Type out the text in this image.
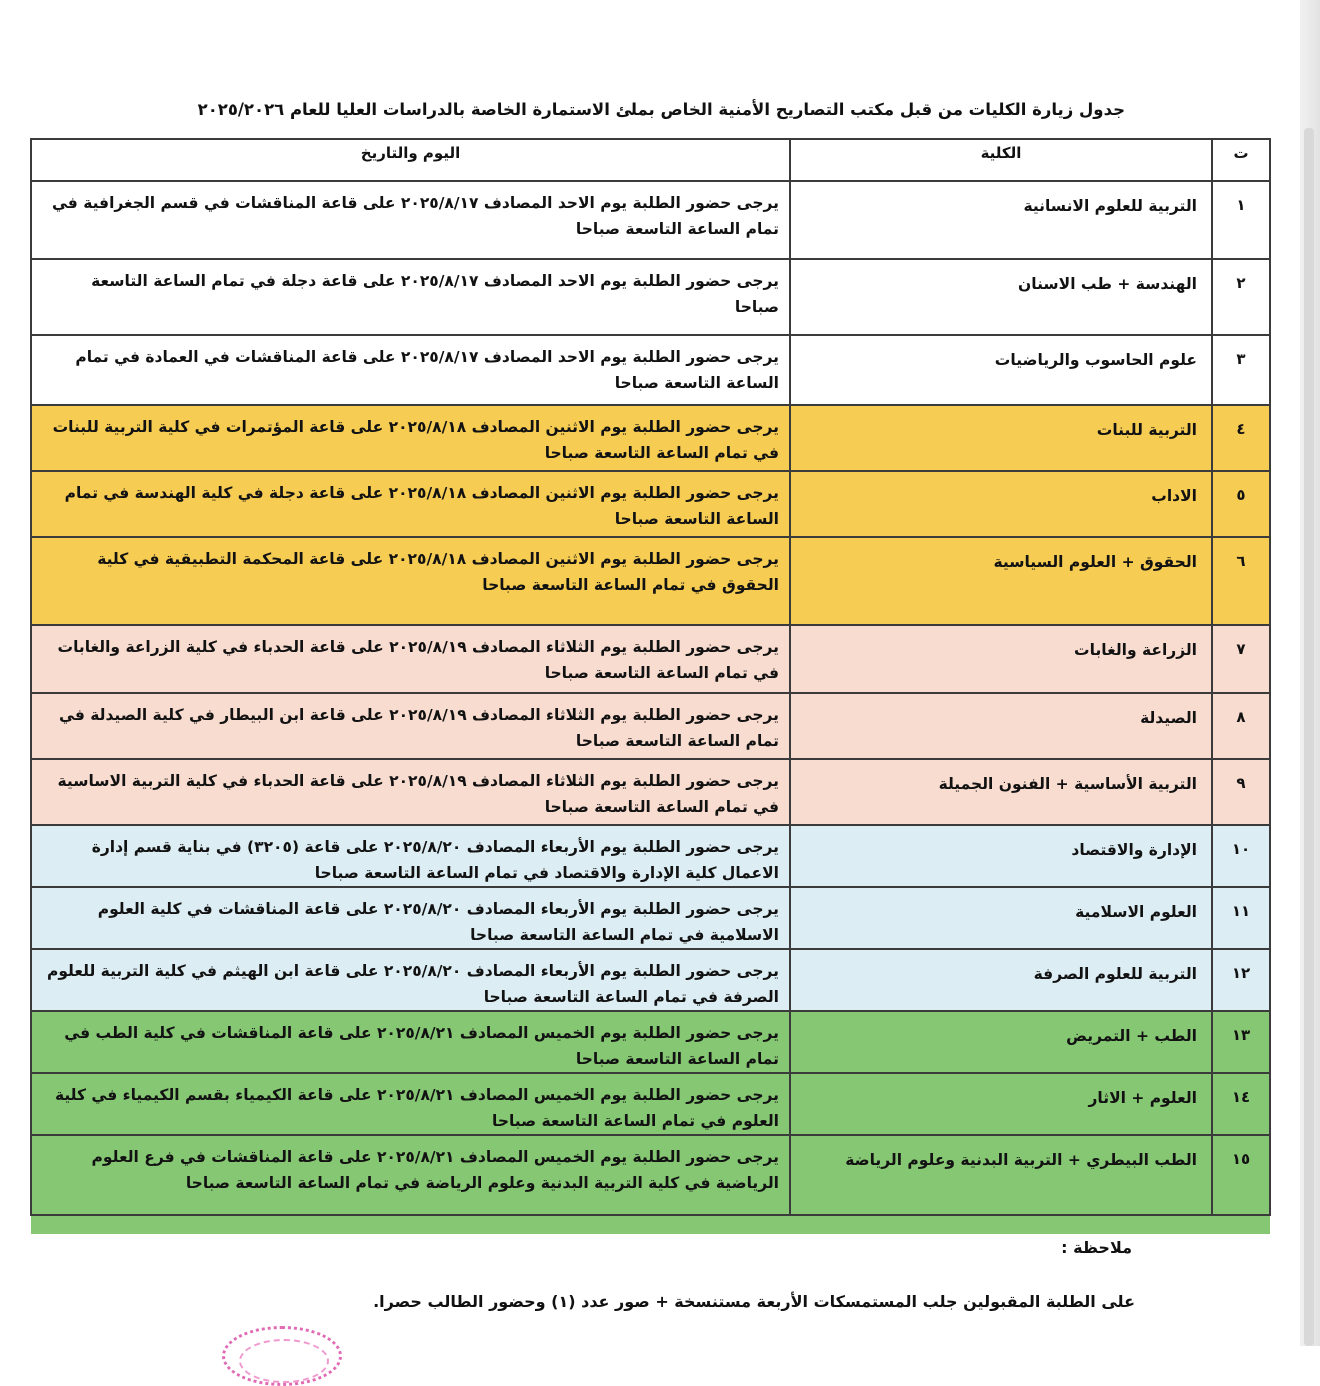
جدول زيارة الكليات من قبل مكتب التصاريح الأمنية الخاص بملئ الاستمارة الخاصة بالدراسات العليا للعام ٢٠٢٥/٢٠٢٦
ت	الكلية	اليوم والتاريخ
١	التربية للعلوم الانسانية	يرجى حضور الطلبة يوم الاحد المصادف ٢٠٢٥/٨/١٧ على قاعة المناقشات في قسم الجغرافية في تمام الساعة التاسعة صباحا
٢	الهندسة + طب الاسنان	يرجى حضور الطلبة يوم الاحد المصادف ٢٠٢٥/٨/١٧ على قاعة دجلة في تمام الساعة التاسعة صباحا
٣	علوم الحاسوب والرياضيات	يرجى حضور الطلبة يوم الاحد المصادف ٢٠٢٥/٨/١٧ على قاعة المناقشات في العمادة في تمام الساعة التاسعة صباحا
٤	التربية للبنات	يرجى حضور الطلبة يوم الاثنين المصادف ٢٠٢٥/٨/١٨ على قاعة المؤتمرات في كلية التربية للبنات في تمام الساعة التاسعة صباحا
٥	الاداب	يرجى حضور الطلبة يوم الاثنين المصادف ٢٠٢٥/٨/١٨ على قاعة دجلة في كلية الهندسة في تمام الساعة التاسعة صباحا
٦	الحقوق + العلوم السياسية	يرجى حضور الطلبة يوم الاثنين المصادف ٢٠٢٥/٨/١٨ على قاعة المحكمة التطبيقية في كلية الحقوق في تمام الساعة التاسعة صباحا
٧	الزراعة والغابات	يرجى حضور الطلبة يوم الثلاثاء المصادف ٢٠٢٥/٨/١٩ على قاعة الحدباء في كلية الزراعة والغابات في تمام الساعة التاسعة صباحا
٨	الصيدلة	يرجى حضور الطلبة يوم الثلاثاء المصادف ٢٠٢٥/٨/١٩ على قاعة ابن البيطار في كلية الصيدلة في تمام الساعة التاسعة صباحا
٩	التربية الأساسية + الفنون الجميلة	يرجى حضور الطلبة يوم الثلاثاء المصادف ٢٠٢٥/٨/١٩ على قاعة الحدباء في كلية التربية الاساسية في تمام الساعة التاسعة صباحا
١٠	الإدارة والاقتصاد	يرجى حضور الطلبة يوم الأربعاء المصادف ٢٠٢٥/٨/٢٠ على قاعة (٣٢٠٥) في بناية قسم إدارة الاعمال كلية الإدارة والاقتصاد في تمام الساعة التاسعة صباحا
١١	العلوم الاسلامية	يرجى حضور الطلبة يوم الأربعاء المصادف ٢٠٢٥/٨/٢٠ على قاعة المناقشات في كلية العلوم الاسلامية في تمام الساعة التاسعة صباحا
١٢	التربية للعلوم الصرفة	يرجى حضور الطلبة يوم الأربعاء المصادف ٢٠٢٥/٨/٢٠ على قاعة ابن الهيثم في كلية التربية للعلوم الصرفة في تمام الساعة التاسعة صباحا
١٣	الطب + التمريض	يرجى حضور الطلبة يوم الخميس المصادف ٢٠٢٥/٨/٢١ على قاعة المناقشات في كلية الطب في تمام الساعة التاسعة صباحا
١٤	العلوم + الاثار	يرجى حضور الطلبة يوم الخميس المصادف ٢٠٢٥/٨/٢١ على قاعة الكيمياء بقسم الكيمياء في كلية العلوم في تمام الساعة التاسعة صباحا
١٥	الطب البيطري + التربية البدنية وعلوم الرياضة	يرجى حضور الطلبة يوم الخميس المصادف ٢٠٢٥/٨/٢١ على قاعة المناقشات في فرع العلوم الرياضية في كلية التربية البدنية وعلوم الرياضة في تمام الساعة التاسعة صباحا

ملاحظة :
على الطلبة المقبولين جلب المستمسكات الأربعة مستنسخة + صور عدد (١) وحضور الطالب حصرا.
